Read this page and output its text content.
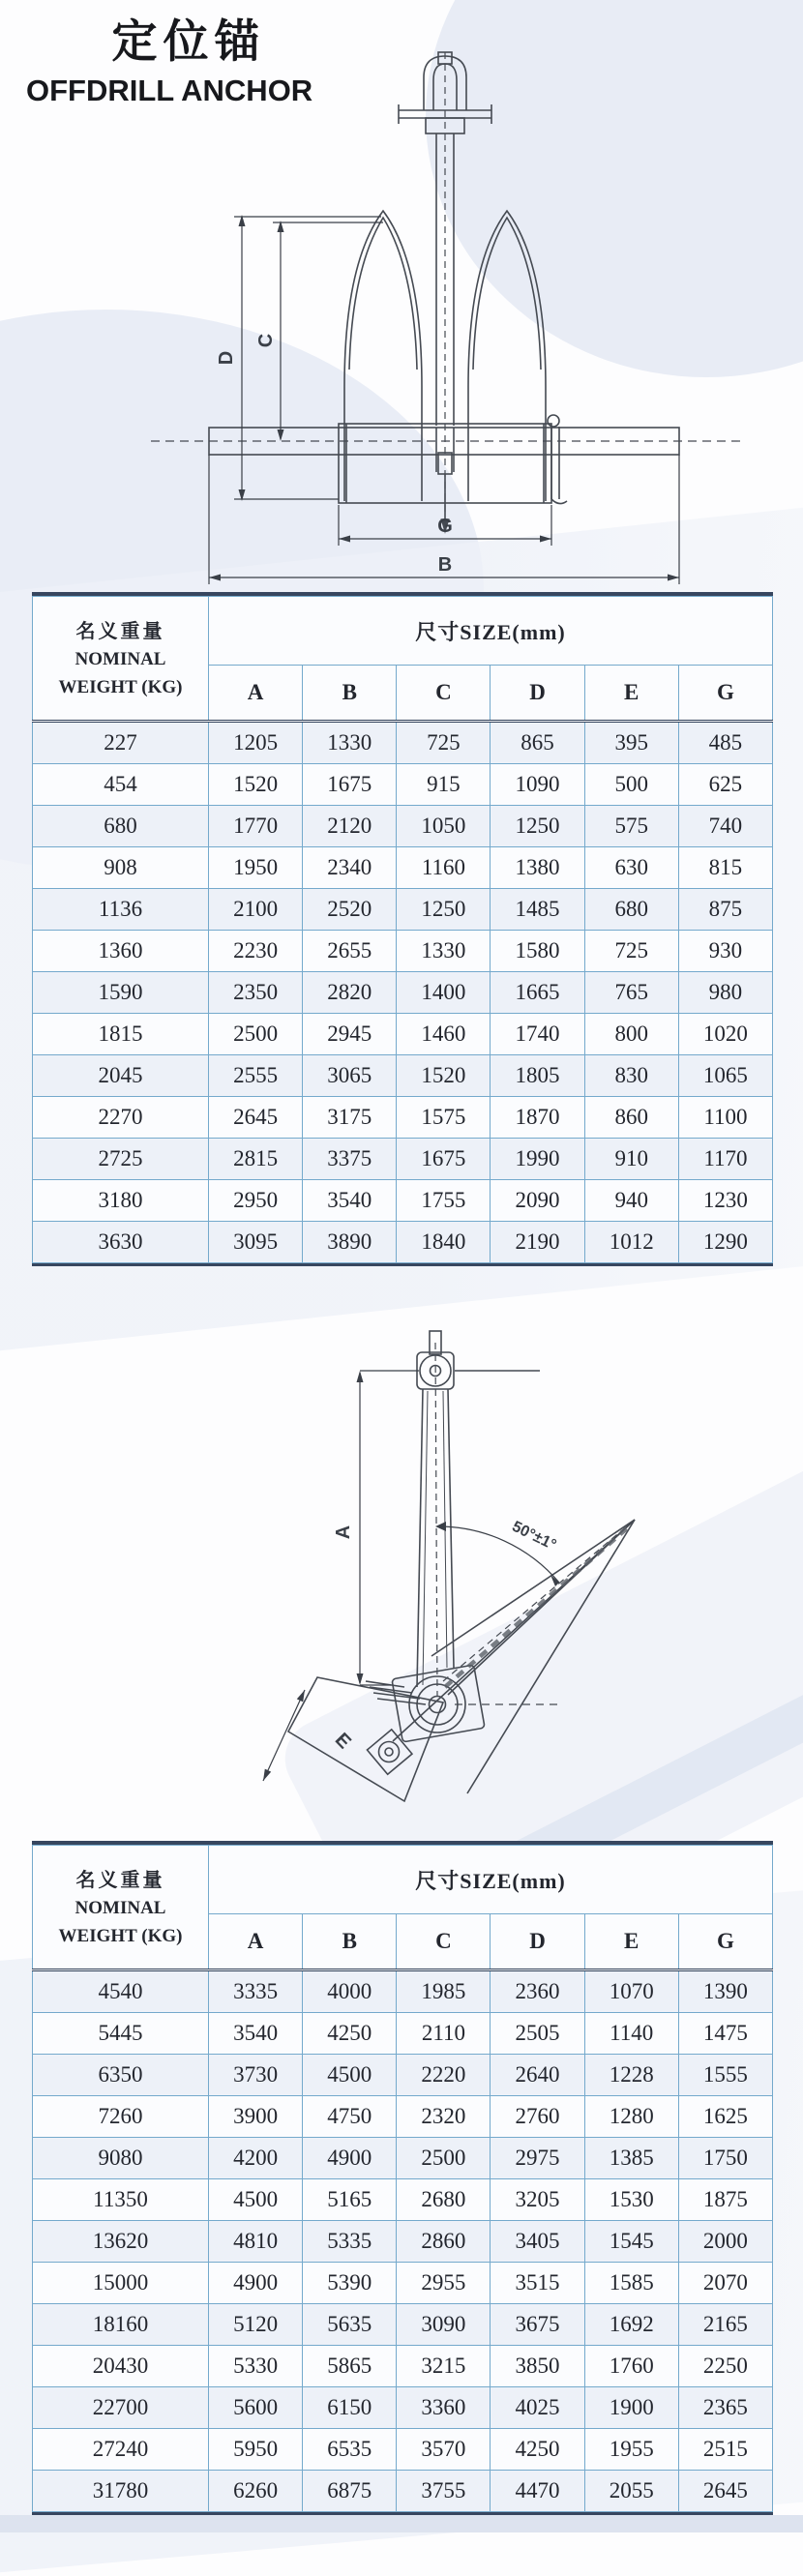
定位锚
OFFDRILL ANCHOR
D
C
G
B
名义重量
NOMINAL
WEIGHT (KG)	尺寸SIZE(mm)					
	A	B	C	D	E	G
227	1205	1330	725	865	395	485
454	1520	1675	915	1090	500	625
680	1770	2120	1050	1250	575	740
908	1950	2340	1160	1380	630	815
1136	2100	2520	1250	1485	680	875
1360	2230	2655	1330	1580	725	930
1590	2350	2820	1400	1665	765	980
1815	2500	2945	1460	1740	800	1020
2045	2555	3065	1520	1805	830	1065
2270	2645	3175	1575	1870	860	1100
2725	2815	3375	1675	1990	910	1170
3180	2950	3540	1755	2090	940	1230
3630	3095	3890	1840	2190	1012	1290
A
E
50°±1°
名义重量
NOMINAL
WEIGHT (KG)	尺寸SIZE(mm)					
	A	B	C	D	E	G
4540	3335	4000	1985	2360	1070	1390
5445	3540	4250	2110	2505	1140	1475
6350	3730	4500	2220	2640	1228	1555
7260	3900	4750	2320	2760	1280	1625
9080	4200	4900	2500	2975	1385	1750
11350	4500	5165	2680	3205	1530	1875
13620	4810	5335	2860	3405	1545	2000
15000	4900	5390	2955	3515	1585	2070
18160	5120	5635	3090	3675	1692	2165
20430	5330	5865	3215	3850	1760	2250
22700	5600	6150	3360	4025	1900	2365
27240	5950	6535	3570	4250	1955	2515
31780	6260	6875	3755	4470	2055	2645
